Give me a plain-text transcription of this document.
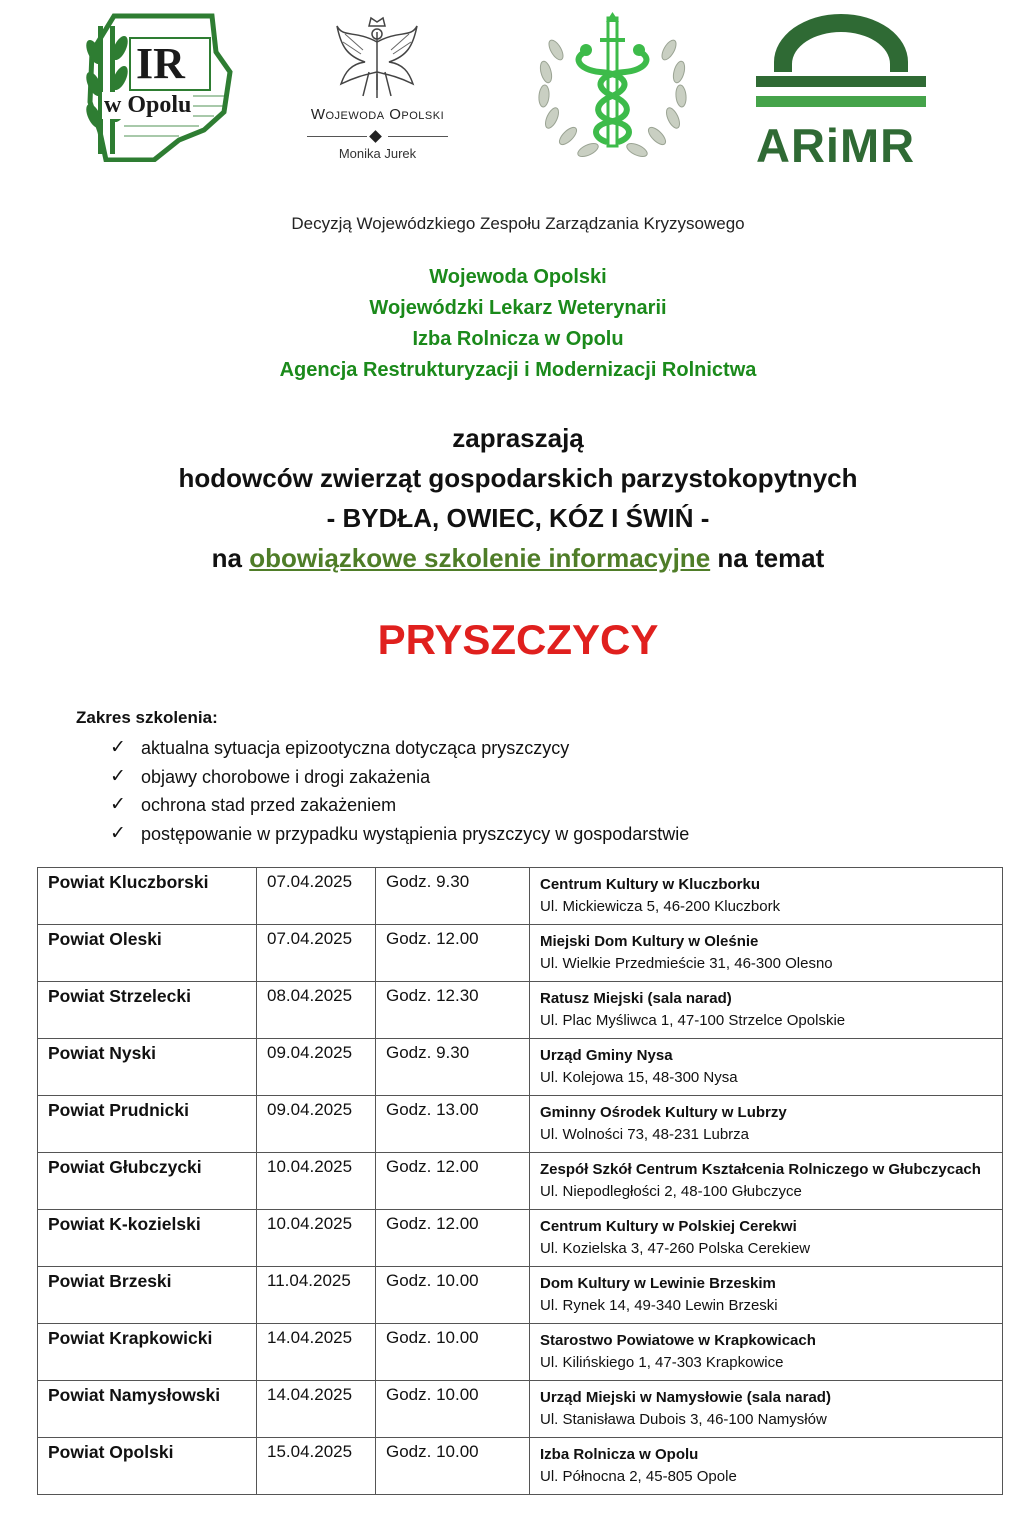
IR
w Opolu	Wojewoda Opolski
Monika Jurek	ARiMR
Decyzją Wojewódzkiego Zespołu Zarządzania Kryzysowego
Wojewoda Opolski
Wojewódzki Lekarz Weterynarii
Izba Rolnicza w Opolu
Agencja Restrukturyzacji i Modernizacji Rolnictwa
zapraszają
hodowców zwierząt gospodarskich parzystokopytnych
- BYDŁA, OWIEC, KÓZ I ŚWIŃ -
na obowiązkowe szkolenie informacyjne na temat
PRYSZCZYCY
Zakres szkolenia:
✓ aktualna sytuacja epizootyczna dotycząca pryszczycy
✓ objawy chorobowe i drogi zakażenia
✓ ochrona stad przed zakażeniem
✓ postępowanie w przypadku wystąpienia pryszczycy w gospodarstwie
Powiat Kluczborski	07.04.2025	Godz. 9.30	Centrum Kultury w Kluczborku
Ul. Mickiewicza 5, 46-200 Kluczbork

Powiat Oleski	07.04.2025	Godz. 12.00	Miejski Dom Kultury w Oleśnie
Ul. Wielkie Przedmieście 31, 46-300 Olesno

Powiat Strzelecki	08.04.2025	Godz. 12.30	Ratusz Miejski (sala narad)
Ul. Plac Myśliwca 1, 47-100 Strzelce Opolskie

Powiat Nyski	09.04.2025	Godz. 9.30	Urząd Gminy Nysa
Ul. Kolejowa 15, 48-300 Nysa

Powiat Prudnicki	09.04.2025	Godz. 13.00	Gminny Ośrodek Kultury w Lubrzy
Ul. Wolności 73, 48-231 Lubrza

Powiat Głubczycki	10.04.2025	Godz. 12.00	Zespół Szkół Centrum Kształcenia Rolniczego w Głubczycach
Ul. Niepodległości 2, 48-100 Głubczyce

Powiat K-kozielski	10.04.2025	Godz. 12.00	Centrum Kultury w Polskiej Cerekwi
Ul. Kozielska 3, 47-260 Polska Cerekiew

Powiat Brzeski	11.04.2025	Godz. 10.00	Dom Kultury w Lewinie Brzeskim
Ul. Rynek 14, 49-340 Lewin Brzeski

Powiat Krapkowicki	14.04.2025	Godz. 10.00	Starostwo Powiatowe w Krapkowicach
Ul. Kilińskiego 1, 47-303 Krapkowice

Powiat Namysłowski	14.04.2025	Godz. 10.00	Urząd Miejski w Namysłowie (sala narad)
Ul. Stanisława Dubois 3, 46-100 Namysłów

Powiat Opolski	15.04.2025	Godz. 10.00	Izba Rolnicza w Opolu
Ul. Północna 2, 45-805 Opole
